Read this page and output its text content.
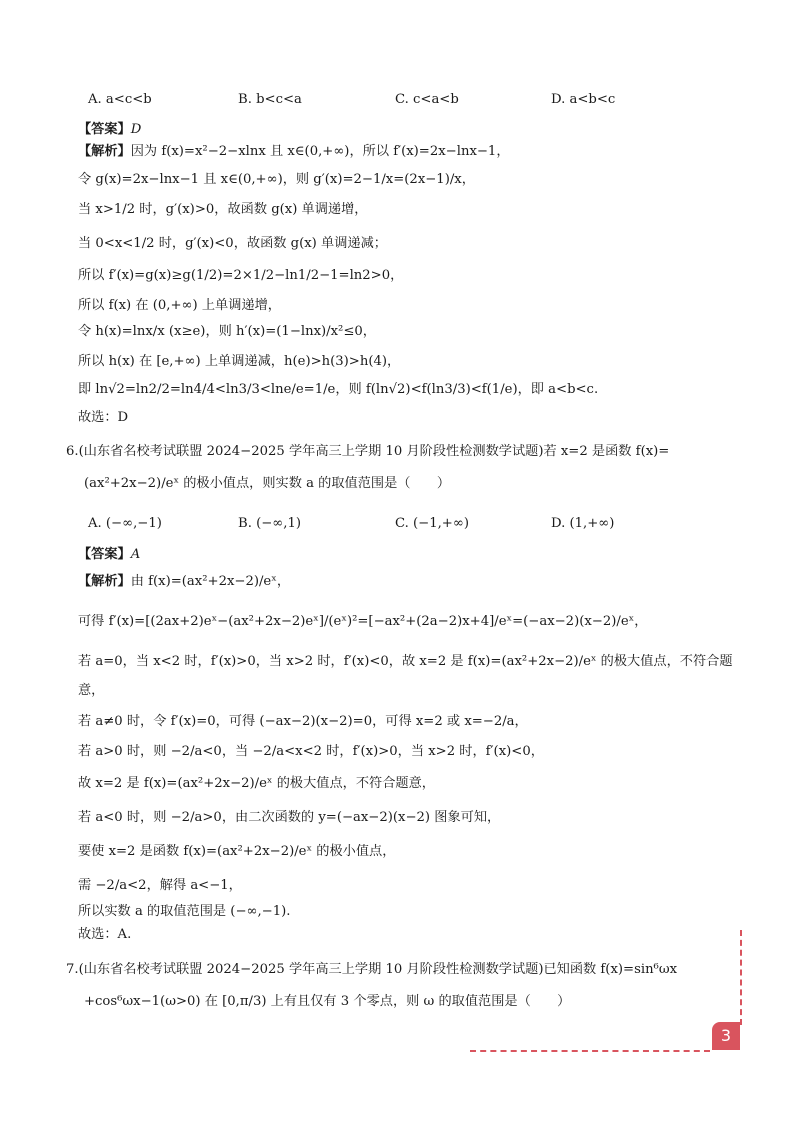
A. a<c<b	B. b<c<a	C. c<a<b	D. a<b<c
【答案】D
【解析】因为 f(x)=x²−2−xlnx 且 x∈(0,+∞)，所以 f′(x)=2x−lnx−1，
令 g(x)=2x−lnx−1 且 x∈(0,+∞)，则 g′(x)=2−1/x=(2x−1)/x，
当 x>1/2 时，g′(x)>0，故函数 g(x) 单调递增，
当 0<x<1/2 时，g′(x)<0，故函数 g(x) 单调递减；
所以 f′(x)=g(x)≥g(1/2)=2×1/2−ln1/2−1=ln2>0，
所以 f(x) 在 (0,+∞) 上单调递增，
令 h(x)=lnx/x (x≥e)，则 h′(x)=(1−lnx)/x²≤0，
所以 h(x) 在 [e,+∞) 上单调递减，h(e)>h(3)>h(4)，
即 ln√2=ln2/2=ln4/4<ln3/3<lne/e=1/e，则 f(ln√2)<f(ln3/3)<f(1/e)，即 a<b<c.
故选：D
6.(山东省名校考试联盟 2024−2025 学年高三上学期 10 月阶段性检测数学试题)若 x=2 是函数 f(x)=
(ax²+2x−2)/eˣ 的极小值点，则实数 a 的取值范围是（　　）
A. (−∞,−1)	B. (−∞,1)	C. (−1,+∞)	D. (1,+∞)
【答案】A
【解析】由 f(x)=(ax²+2x−2)/eˣ，
可得 f′(x)=[(2ax+2)eˣ−(ax²+2x−2)eˣ]/(eˣ)²=[−ax²+(2a−2)x+4]/eˣ=(−ax−2)(x−2)/eˣ，
若 a=0，当 x<2 时，f′(x)>0，当 x>2 时，f′(x)<0，故 x=2 是 f(x)=(ax²+2x−2)/eˣ 的极大值点，不符合题
意，
若 a≠0 时，令 f′(x)=0，可得 (−ax−2)(x−2)=0，可得 x=2 或 x=−2/a，
若 a>0 时，则 −2/a<0，当 −2/a<x<2 时，f′(x)>0，当 x>2 时，f′(x)<0，
故 x=2 是 f(x)=(ax²+2x−2)/eˣ 的极大值点，不符合题意，
若 a<0 时，则 −2/a>0，由二次函数的 y=(−ax−2)(x−2) 图象可知，
要使 x=2 是函数 f(x)=(ax²+2x−2)/eˣ 的极小值点，
需 −2/a<2，解得 a<−1，
所以实数 a 的取值范围是 (−∞,−1).
故选：A.
7.(山东省名校考试联盟 2024−2025 学年高三上学期 10 月阶段性检测数学试题)已知函数 f(x)=sin⁶ωx
+cos⁶ωx−1(ω>0) 在 [0,π/3) 上有且仅有 3 个零点，则 ω 的取值范围是（　　）
3
